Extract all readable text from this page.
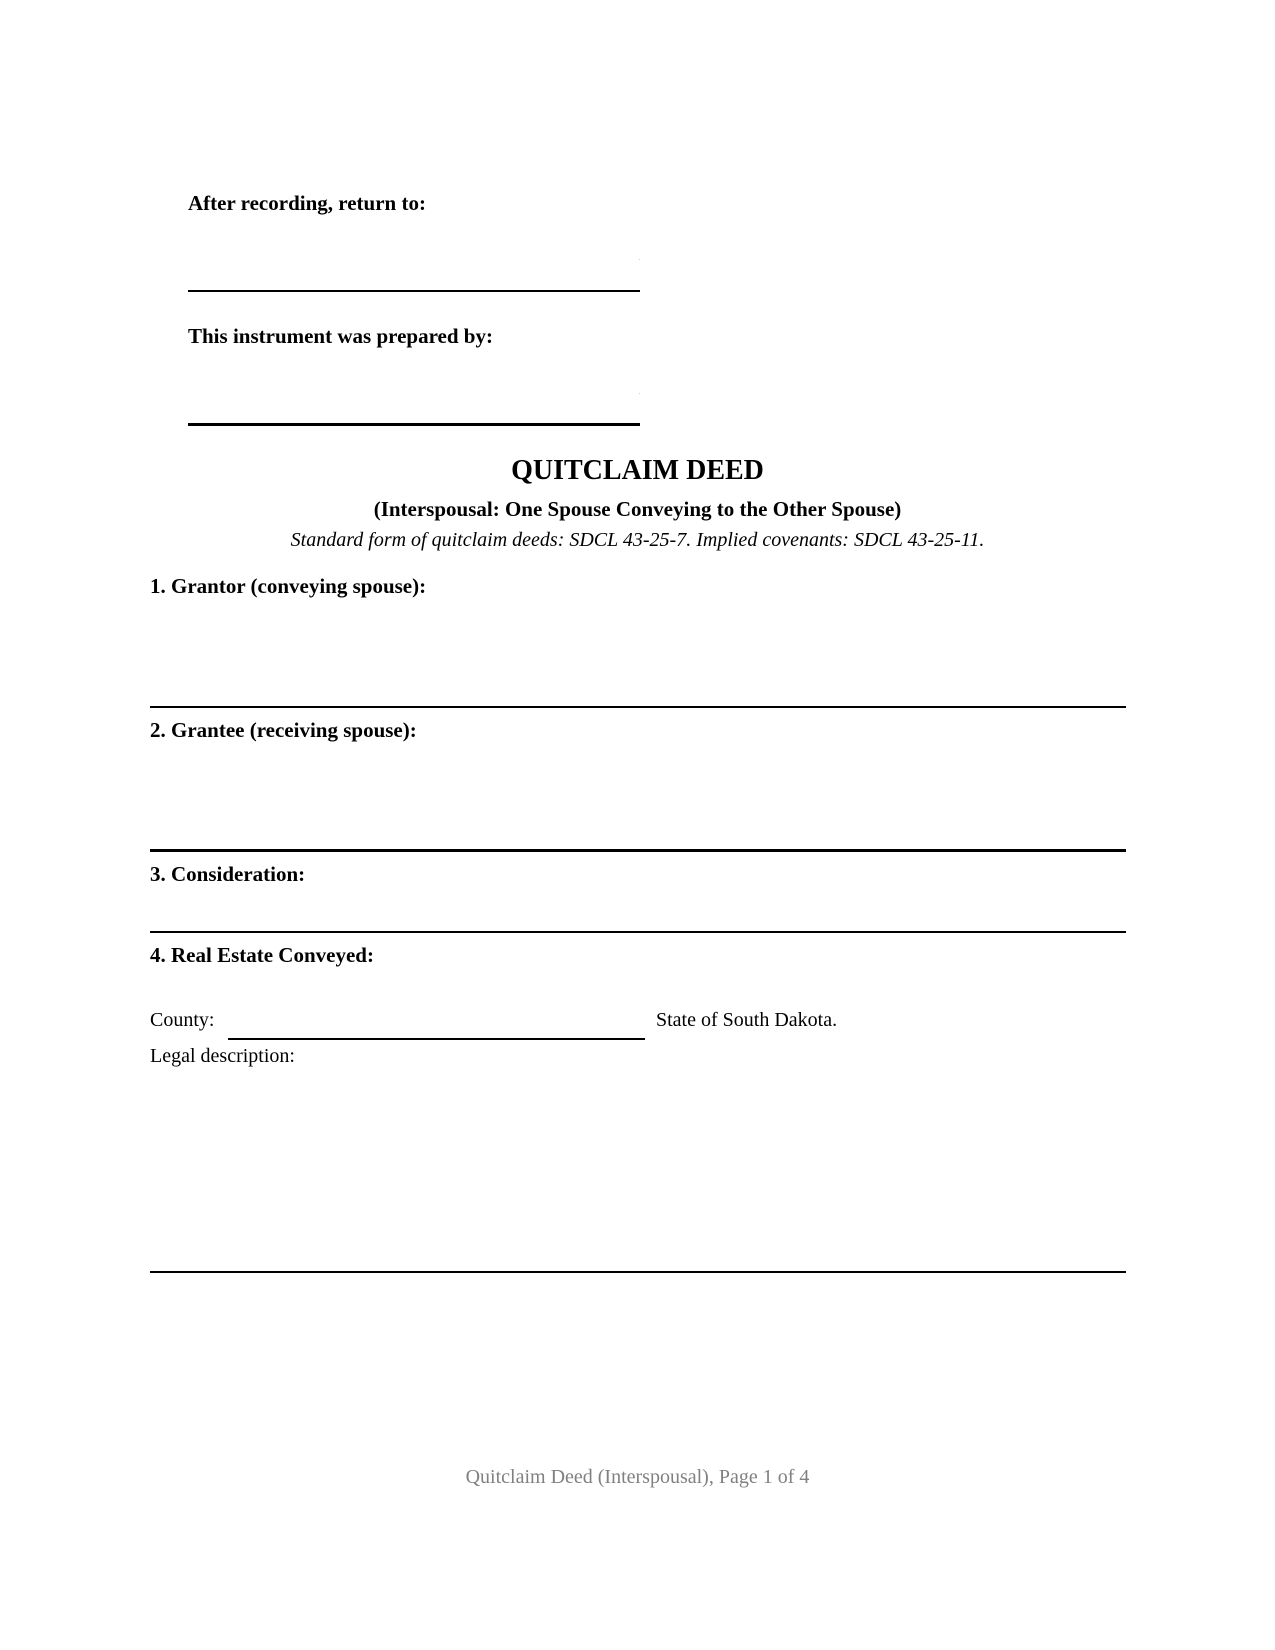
After recording, return to:
This instrument was prepared by:
QUITCLAIM DEED
(Interspousal: One Spouse Conveying to the Other Spouse)
Standard form of quitclaim deeds: SDCL 43-25-7. Implied covenants: SDCL 43-25-11.
1. Grantor (conveying spouse):
2. Grantee (receiving spouse):
3. Consideration:
4. Real Estate Conveyed:
County:	State of South Dakota.
Legal description:
Quitclaim Deed (Interspousal), Page 1 of 4
